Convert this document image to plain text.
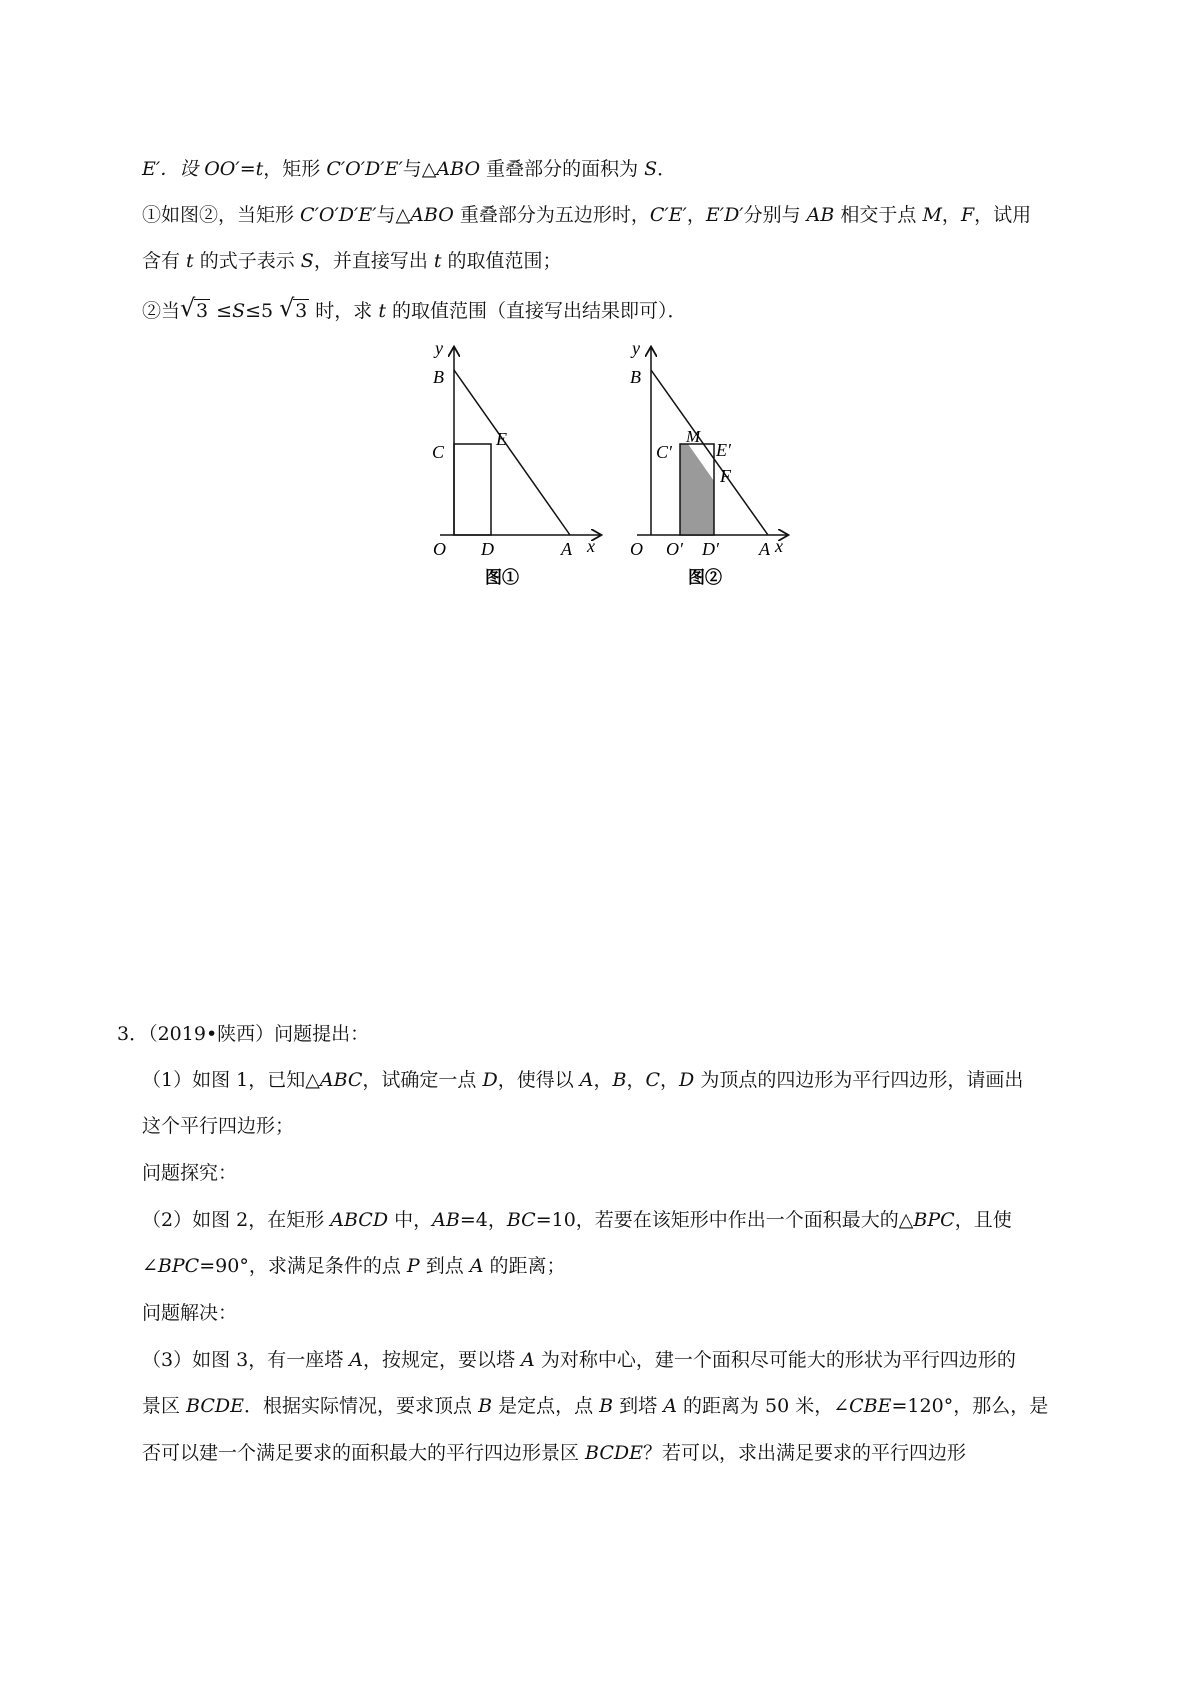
E′．设 OO′=t，矩形 C′O′D′E′与△ABO 重叠部分的面积为 S．
①如图②，当矩形 C′O′D′E′与△ABO 重叠部分为五边形时，C′E′，E′D′分别与 AB 相交于点 M，F，试用
含有 t 的式子表示 S，并直接写出 t 的取值范围；
②当 √ 3 ≤S≤5 √ 3 时，求 t 的取值范围（直接写出结果即可）．
y
B
C
E
O D	A x
图①
y
B
C′
M
E′
F
O O′ D′ A x
图②
3．（2019•陕西）问题提出：
（1）如图 1，已知△ABC，试确定一点 D，使得以 A，B，C，D 为顶点的四边形为平行四边形，请画出
这个平行四边形；
问题探究：
（2）如图 2，在矩形 ABCD 中，AB=4，BC=10，若要在该矩形中作出一个面积最大的△BPC，且使
∠BPC=90°，求满足条件的点 P 到点 A 的距离；
问题解决：
（3）如图 3，有一座塔 A，按规定，要以塔 A 为对称中心，建一个面积尽可能大的形状为平行四边形的
景区 BCDE．根据实际情况，要求顶点 B 是定点，点 B 到塔 A 的距离为 50 米，∠CBE=120°，那么，是
否可以建一个满足要求的面积最大的平行四边形景区 BCDE？若可以，求出满足要求的平行四边形
